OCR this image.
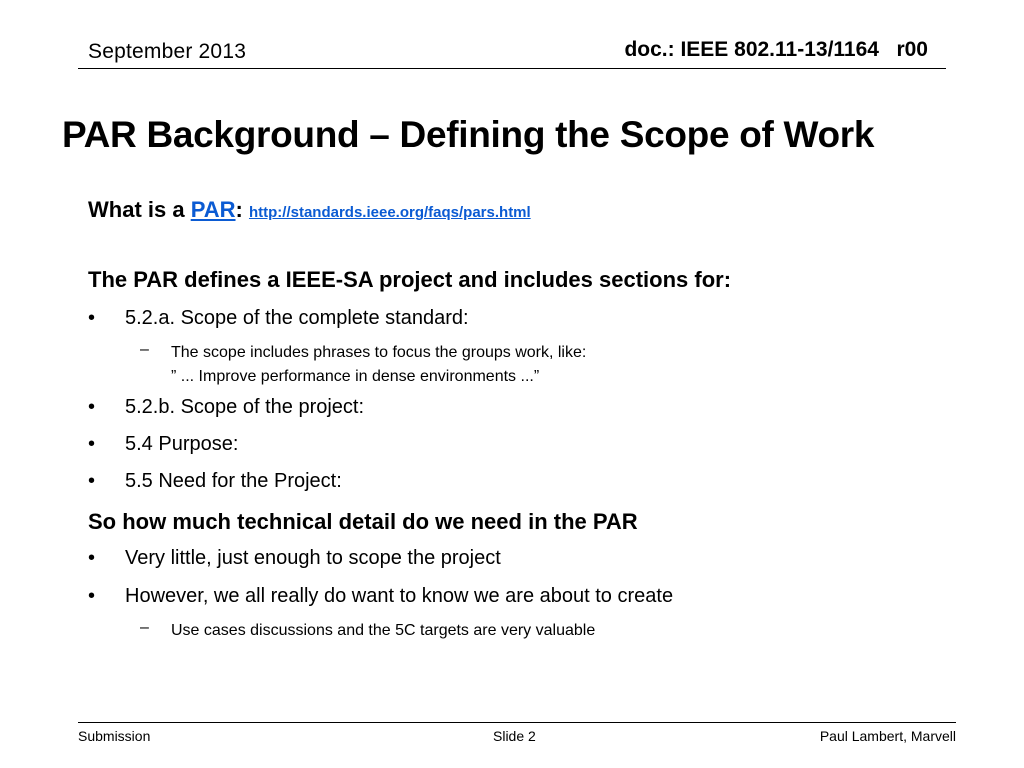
September 2013	doc.: IEEE 802.11-13/1164   r00
PAR Background – Defining the Scope of Work
What is a PAR: http://standards.ieee.org/faqs/pars.html
The PAR defines a IEEE-SA project and includes sections for:
• 5.2.a. Scope of the complete standard:
– The scope includes phrases to focus the groups work, like:
” ... Improve performance in dense environments ...”
• 5.2.b. Scope of the project:
• 5.4 Purpose:
• 5.5 Need for the Project:
So how much technical detail do we need in the PAR
• Very little, just enough to scope the project
• However, we all really do want to know we are about to create
– Use cases discussions and the 5C targets are very valuable
Submission	Slide 2	Paul Lambert, Marvell
